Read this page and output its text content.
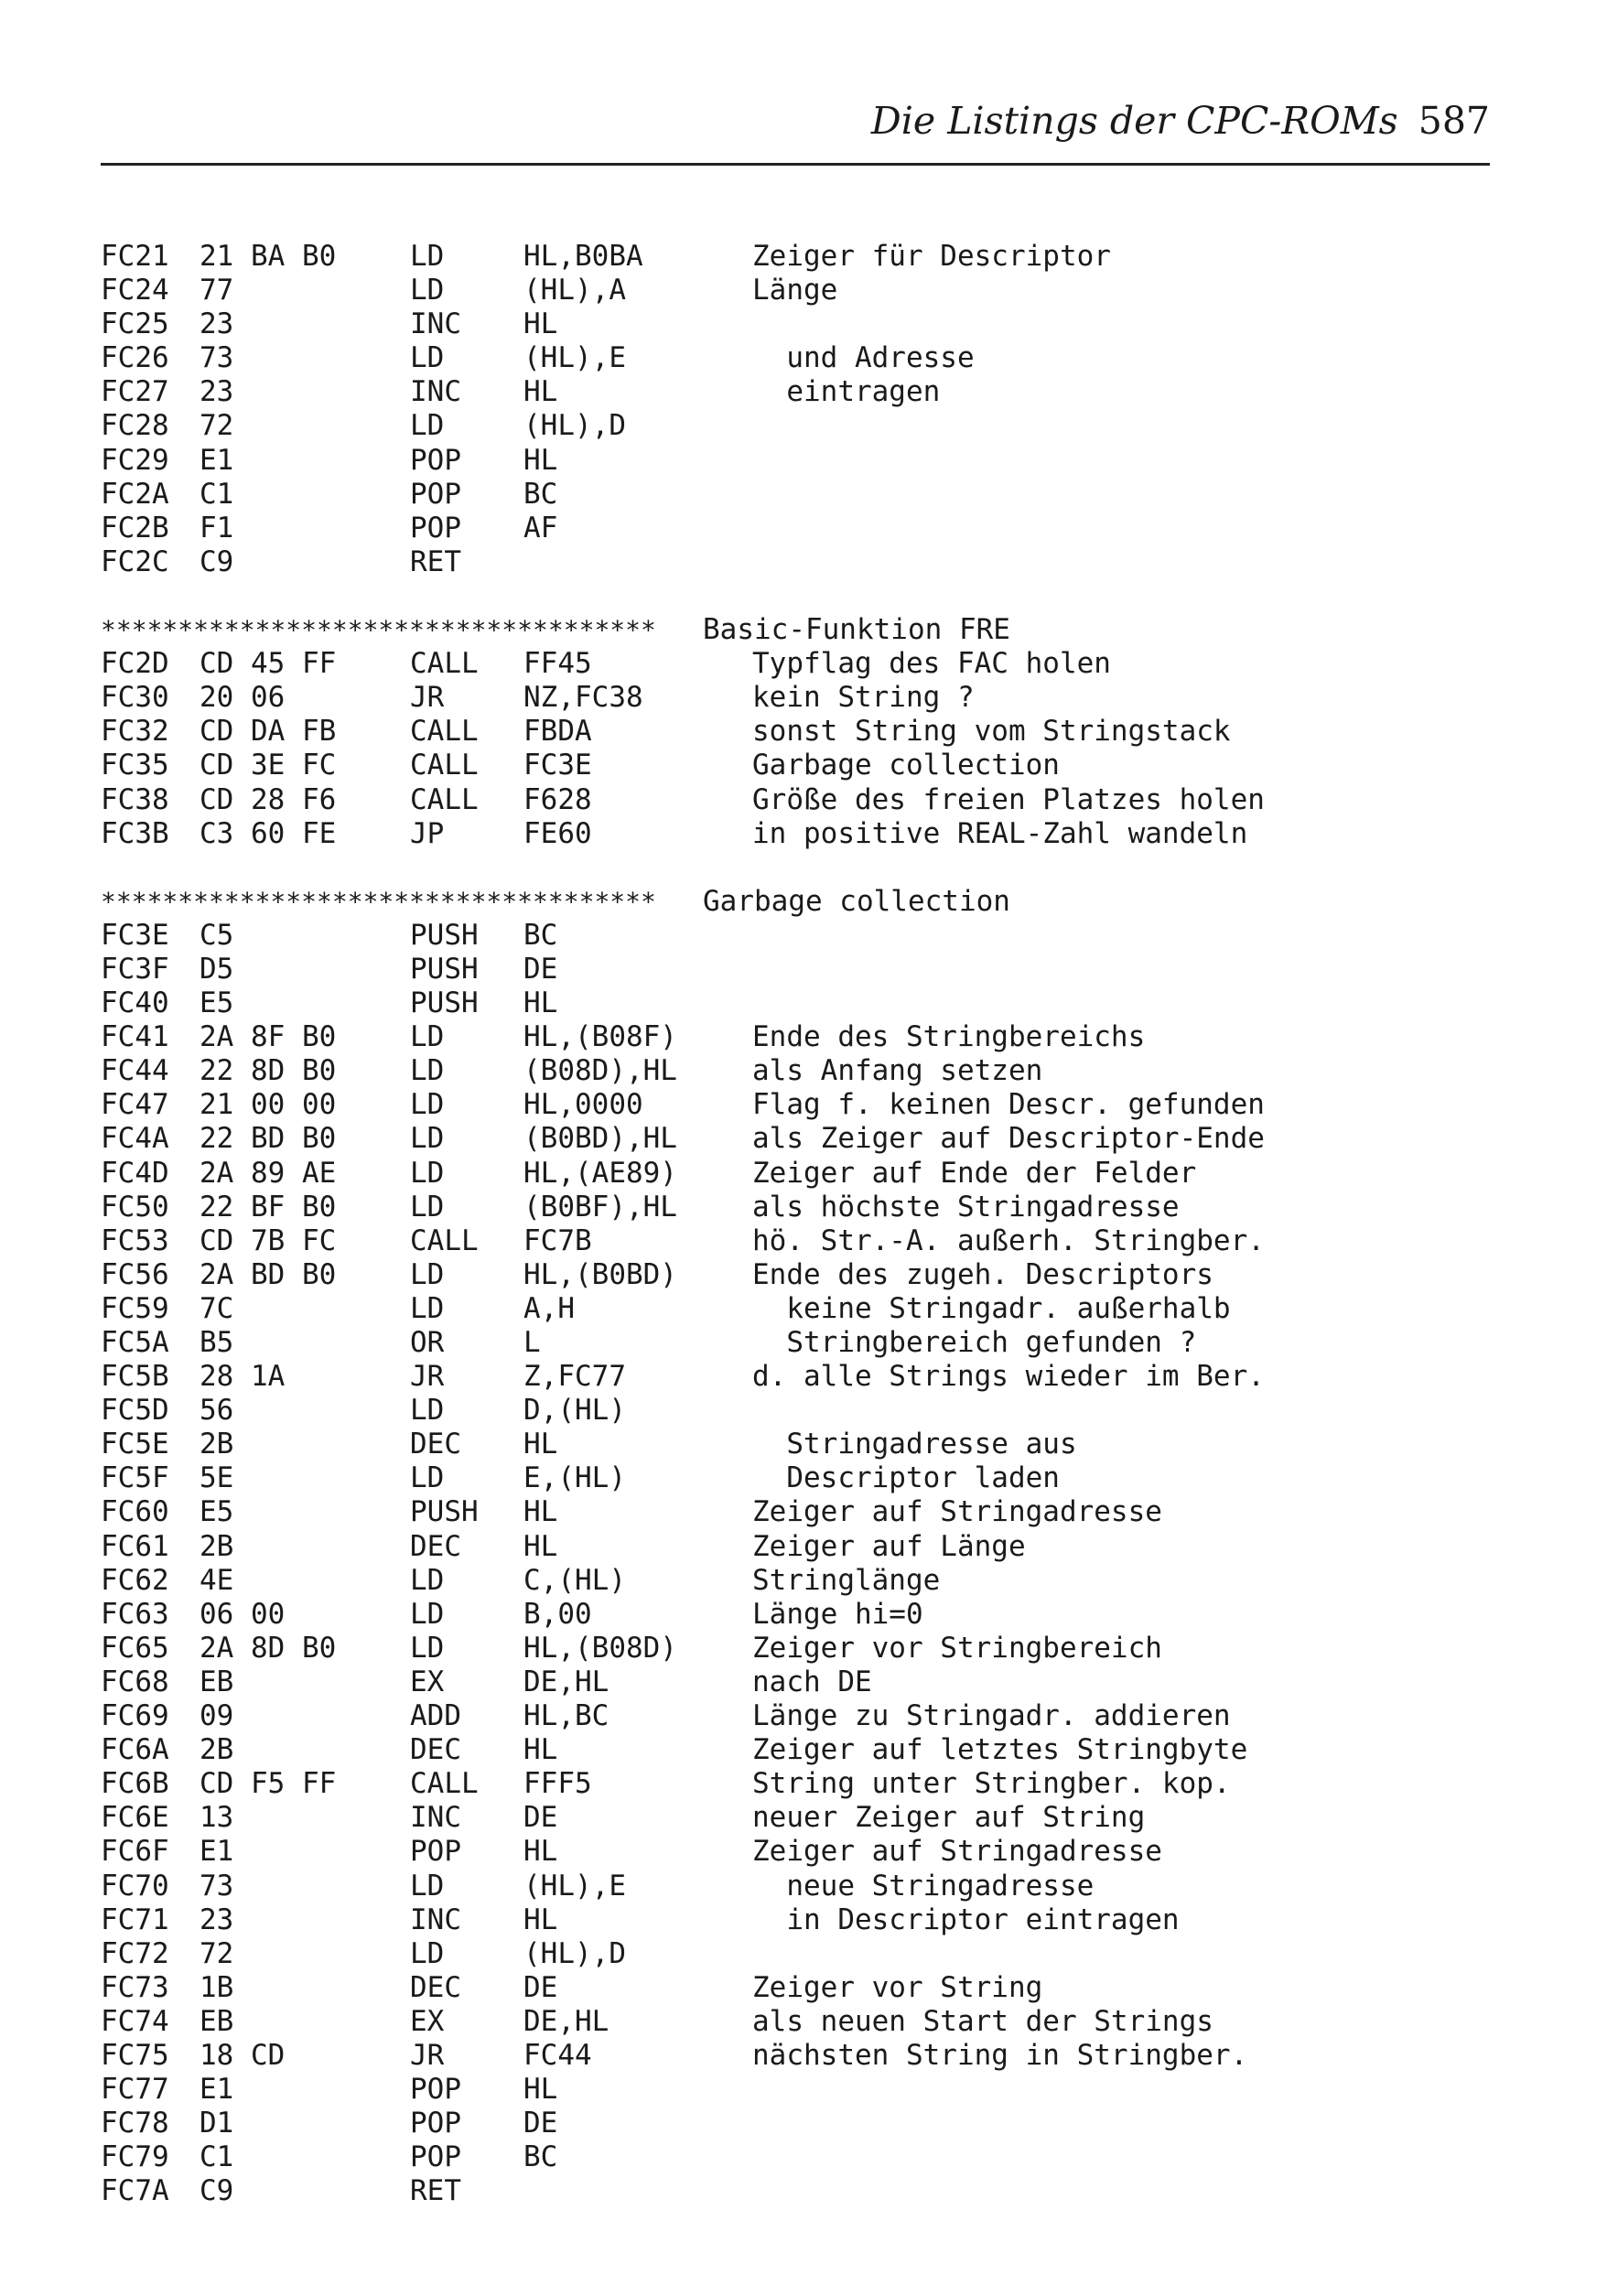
Die Listings der CPC-ROMs 587
FC21 21 BA B0	LD	HL,B0BA	Zeiger für Descriptor
FC24 77	LD	(HL),A	Länge
FC25 23	INC HL
FC26 73	LD	(HL),E	und Adresse
FC27 23	INC HL	eintragen
FC28 72	LD	(HL),D
FC29 E1	POP HL
FC2A C1	POP BC
FC2B F1	POP AF
FC2C C9	RET
************************************ Basic-Funktion FRE
FC2D CD 45 FF	CALL FF45	Typflag des FAC holen
FC30 20 06	JR	NZ,FC38	kein String ?
FC32 CD DA FB	CALL FBDA	sonst String vom Stringstack
FC35 CD 3E FC	CALL FC3E	Garbage collection
FC38 CD 28 F6	CALL F628	Größe des freien Platzes holen
FC3B C3 60 FE	JP	FE60	in positive REAL-Zahl wandeln
************************************ Garbage collection
FC3E C5	PUSH BC
FC3F D5	PUSH DE
FC40 E5	PUSH HL
FC41 2A 8F B0	LD	HL,(B08F)	Ende des Stringbereichs
FC44 22 8D B0	LD	(B08D),HL	als Anfang setzen
FC47 21 00 00	LD	HL,0000	Flag f. keinen Descr. gefunden
FC4A 22 BD B0	LD	(B0BD),HL	als Zeiger auf Descriptor-Ende
FC4D 2A 89 AE	LD	HL,(AE89)	Zeiger auf Ende der Felder
FC50 22 BF B0	LD	(B0BF),HL	als höchste Stringadresse
FC53 CD 7B FC	CALL FC7B	hö. Str.-A. außerh. Stringber.
FC56 2A BD B0	LD	HL,(B0BD)	Ende des zugeh. Descriptors
FC59 7C	LD	A,H	keine Stringadr. außerhalb
FC5A B5	OR	L	Stringbereich gefunden ?
FC5B 28 1A	JR	Z,FC77	d. alle Strings wieder im Ber.
FC5D 56	LD	D,(HL)
FC5E 2B	DEC HL	Stringadresse aus
FC5F 5E	LD	E,(HL)	Descriptor laden
FC60 E5	PUSH HL	Zeiger auf Stringadresse
FC61 2B	DEC HL	Zeiger auf Länge
FC62 4E	LD	C,(HL)	Stringlänge
FC63 06 00	LD	B,00	Länge hi=0
FC65 2A 8D B0	LD	HL,(B08D)	Zeiger vor Stringbereich
FC68 EB	EX	DE,HL	nach DE
FC69 09	ADD HL,BC	Länge zu Stringadr. addieren
FC6A 2B	DEC HL	Zeiger auf letztes Stringbyte
FC6B CD F5 FF	CALL FFF5	String unter Stringber. kop.
FC6E 13	INC DE	neuer Zeiger auf String
FC6F E1	POP HL	Zeiger auf Stringadresse
FC70 73	LD	(HL),E	neue Stringadresse
FC71 23	INC HL	in Descriptor eintragen
FC72 72	LD	(HL),D
FC73 1B	DEC DE	Zeiger vor String
FC74 EB	EX	DE,HL	als neuen Start der Strings
FC75 18 CD	JR	FC44	nächsten String in Stringber.
FC77 E1	POP HL
FC78 D1	POP DE
FC79 C1	POP BC
FC7A C9	RET
